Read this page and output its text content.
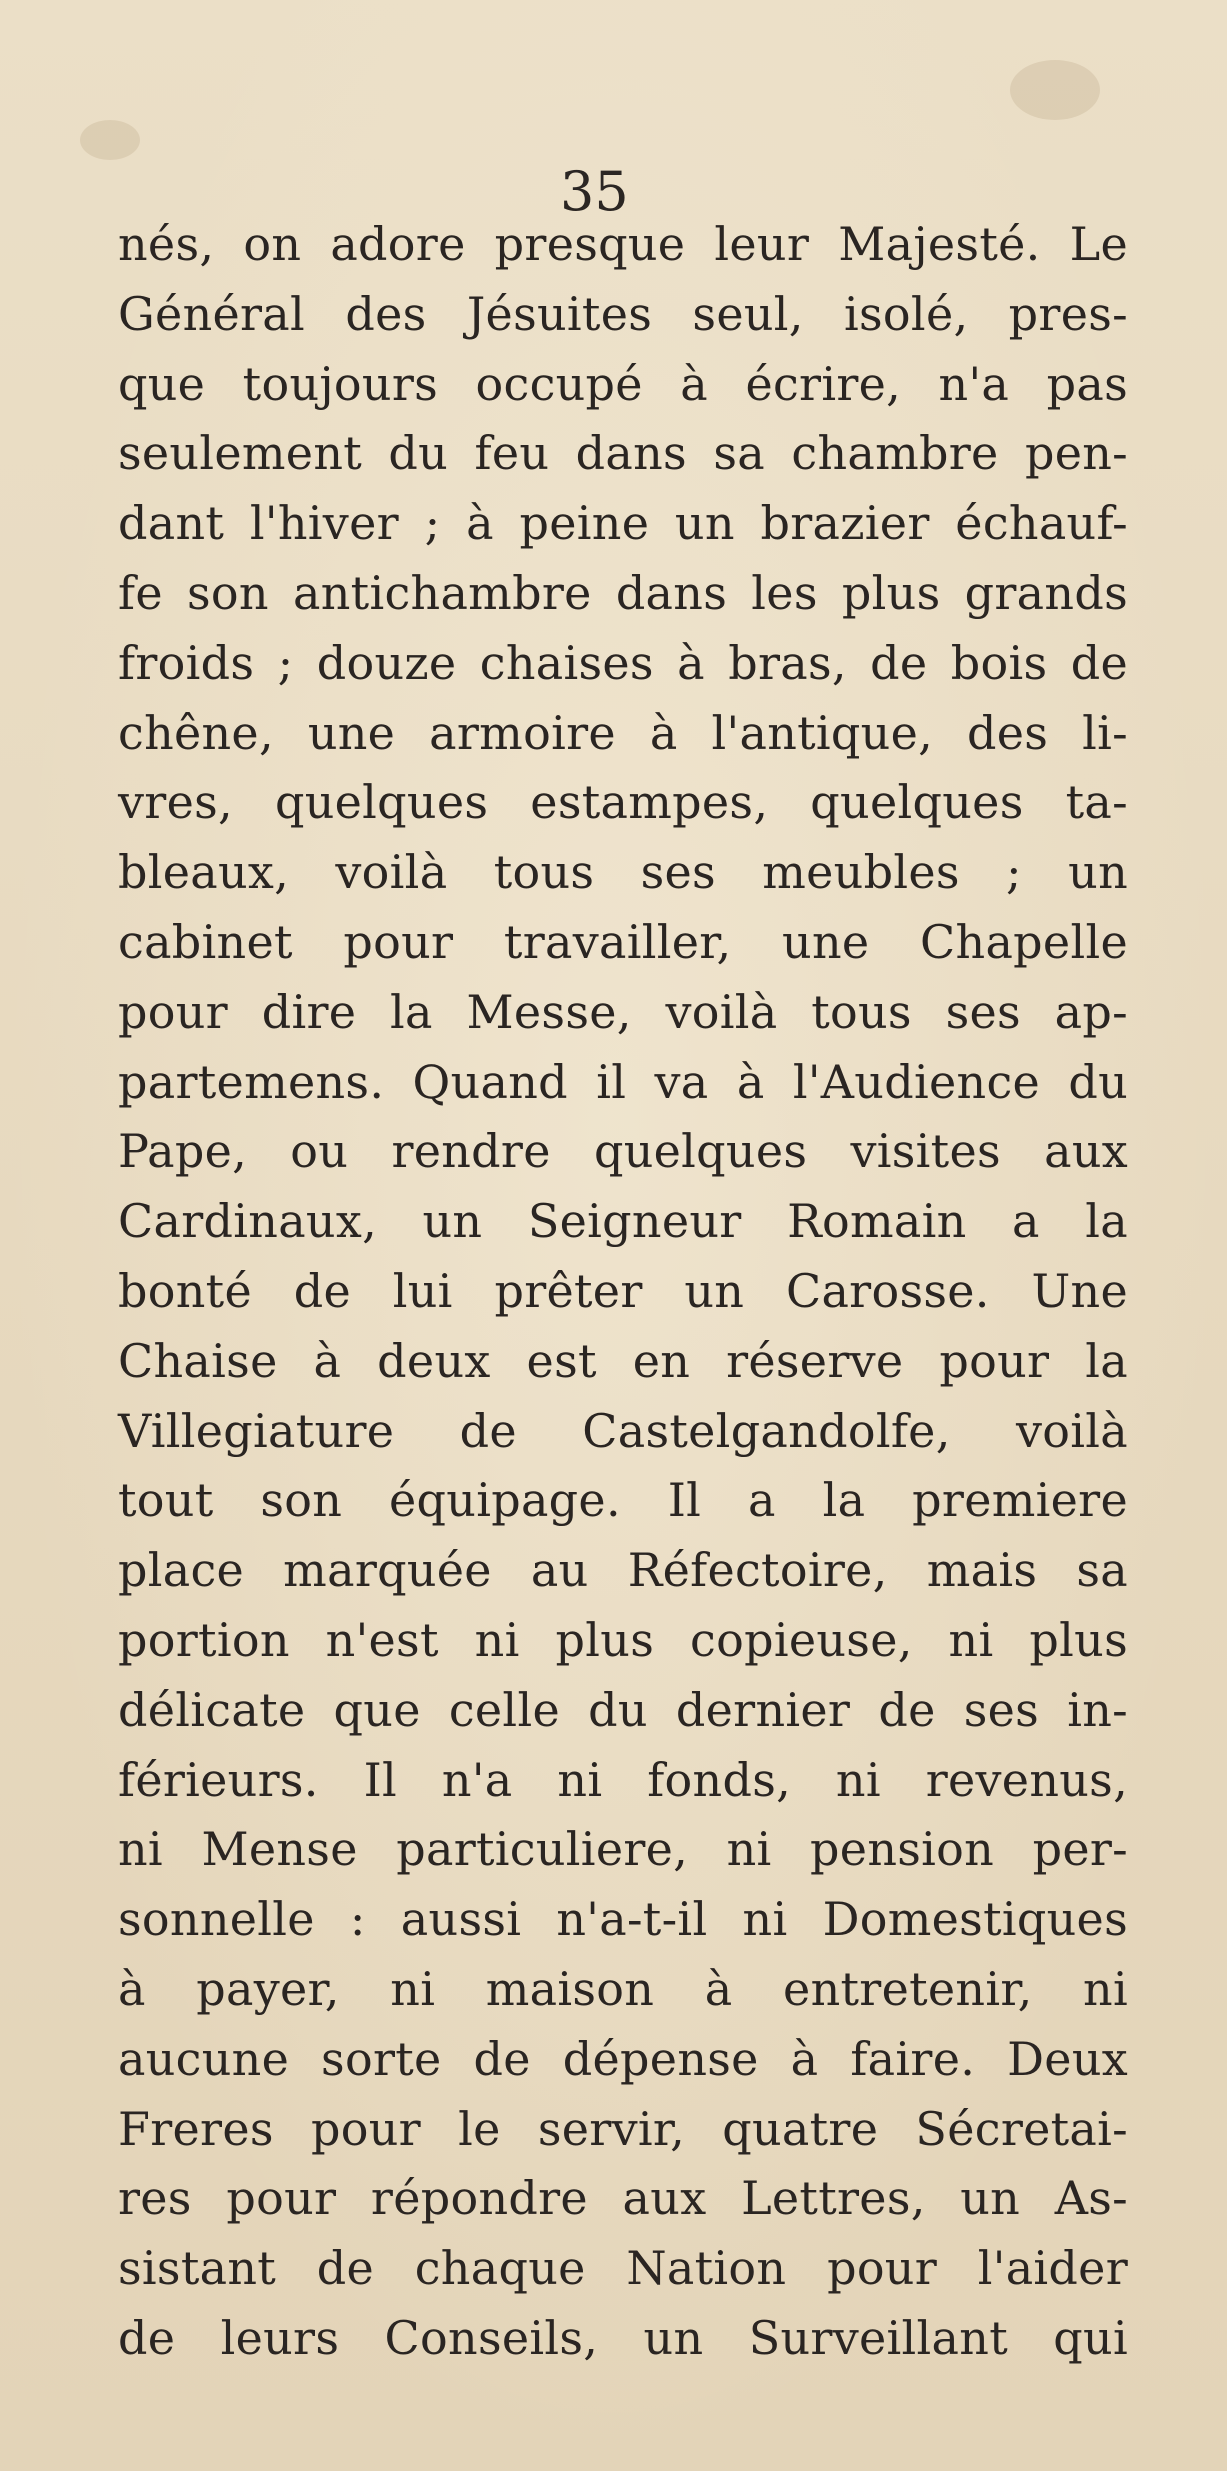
35
nés, on adore presque leur Majesté. Le
Général des Jésuites seul, isolé, pres-
que toujours occupé à écrire, n'a pas
seulement du feu dans sa chambre pen-
dant l'hiver ; à peine un brazier échauf-
fe son antichambre dans les plus grands
froids ; douze chaises à bras, de bois de
chêne, une armoire à l'antique, des li-
vres, quelques estampes, quelques ta-
bleaux, voilà tous ses meubles ; un
cabinet pour travailler, une Chapelle
pour dire la Messe, voilà tous ses ap-
partemens. Quand il va à l'Audience du
Pape, ou rendre quelques visites aux
Cardinaux, un Seigneur Romain a la
bonté de lui prêter un Carosse. Une
Chaise à deux est en réserve pour la
Villegiature de Castelgandolfe, voilà
tout son équipage. Il a la premiere
place marquée au Réfectoire, mais sa
portion n'est ni plus copieuse, ni plus
délicate que celle du dernier de ses in-
férieurs. Il n'a ni fonds, ni revenus,
ni Mense particuliere, ni pension per-
sonnelle : aussi n'a-t-il ni Domestiques
à payer, ni maison à entretenir, ni
aucune sorte de dépense à faire. Deux
Freres pour le servir, quatre Sécretai-
res pour répondre aux Lettres, un As-
sistant de chaque Nation pour l'aider
de leurs Conseils, un Surveillant qui
